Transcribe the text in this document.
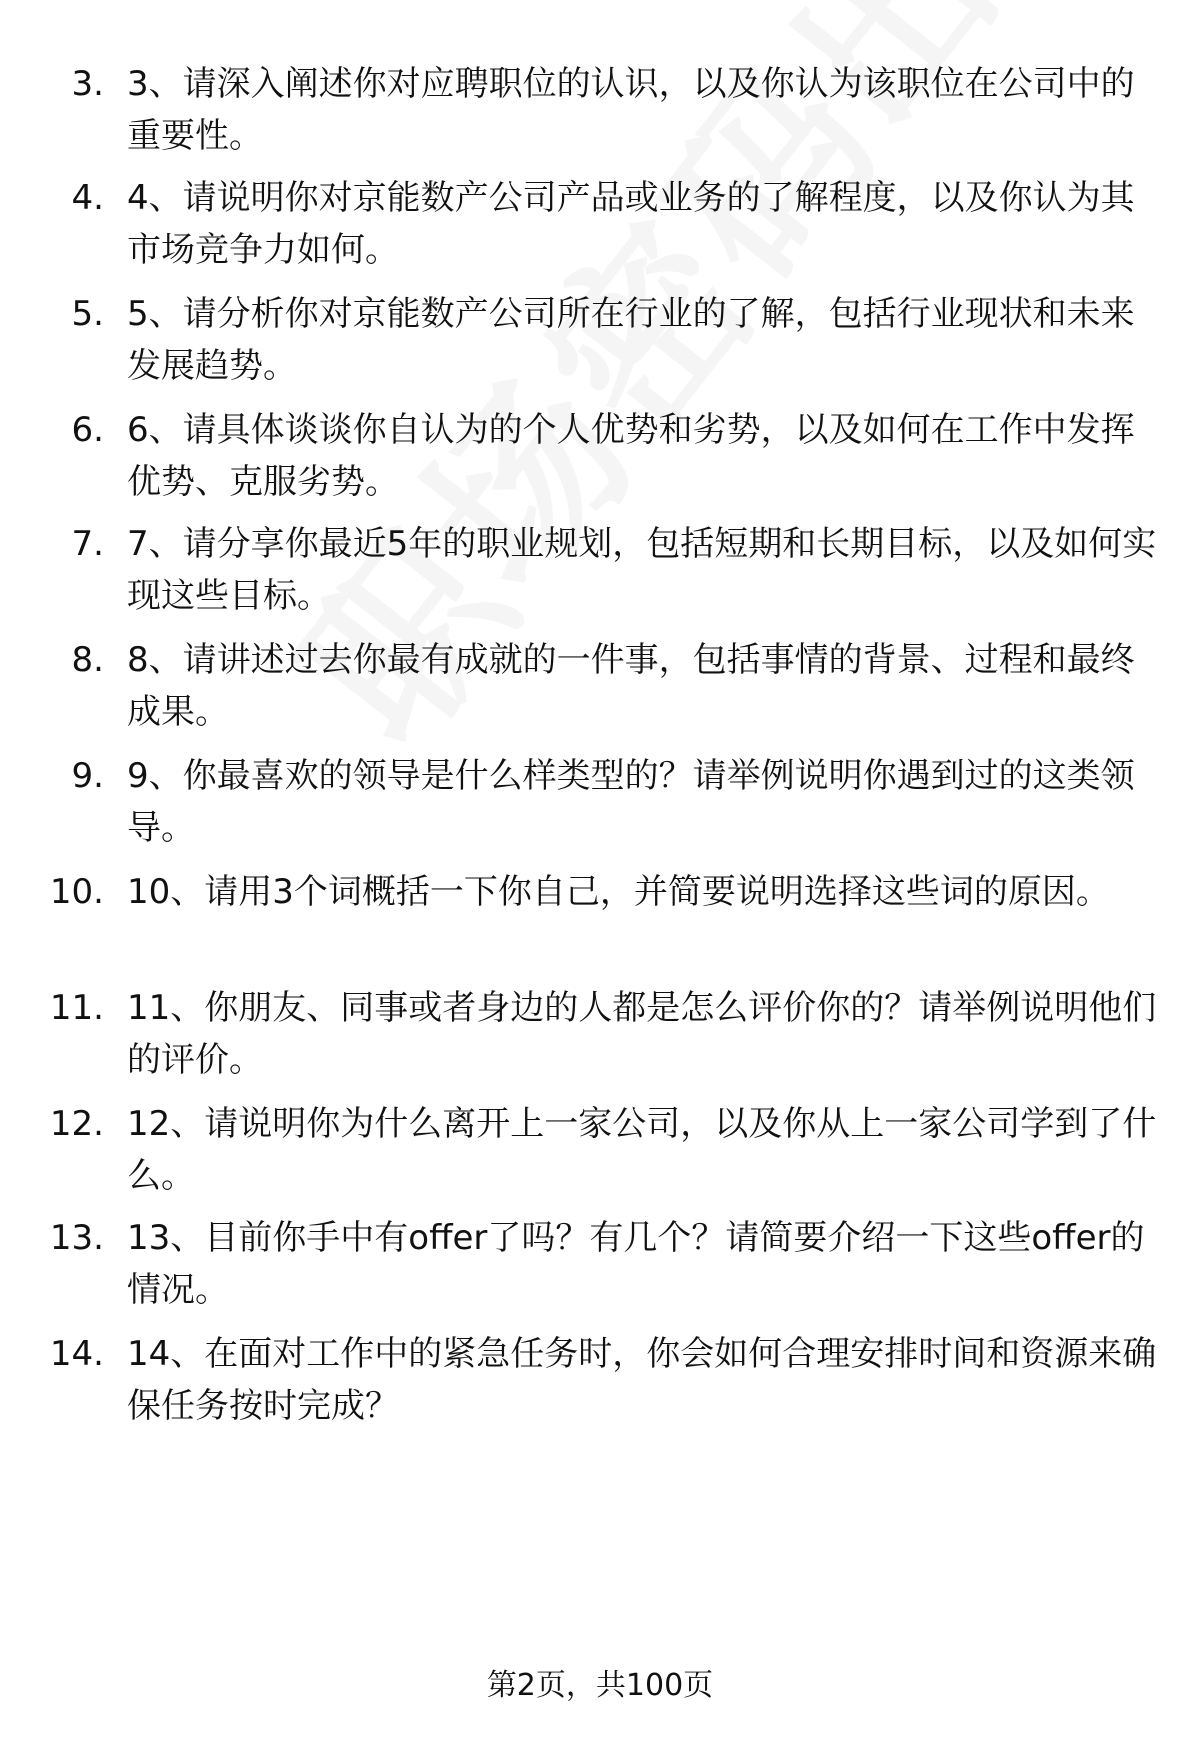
3. 3、请深入阐述你对应聘职位的认识，以及你认为该职位在公司中的重要性。
4. 4、请说明你对京能数产公司产品或业务的了解程度，以及你认为其市场竞争力如何。
5. 5、请分析你对京能数产公司所在行业的了解，包括行业现状和未来发展趋势。
6. 6、请具体谈谈你自认为的个人优势和劣势，以及如何在工作中发挥优势、克服劣势。
7. 7、请分享你最近5年的职业规划，包括短期和长期目标，以及如何实现这些目标。
8. 8、请讲述过去你最有成就的一件事，包括事情的背景、过程和最终成果。
9. 9、你最喜欢的领导是什么样类型的？请举例说明你遇到过的这类领导。
10. 10、请用3个词概括一下你自己，并简要说明选择这些词的原因。
11. 11、你朋友、同事或者身边的人都是怎么评价你的？请举例说明他们的评价。
12. 12、请说明你为什么离开上一家公司，以及你从上一家公司学到了什么。
13. 13、目前你手中有offer了吗？有几个？请简要介绍一下这些offer的情况。
14. 14、在面对工作中的紧急任务时，你会如何合理安排时间和资源来确保任务按时完成？
第2页，共100页
